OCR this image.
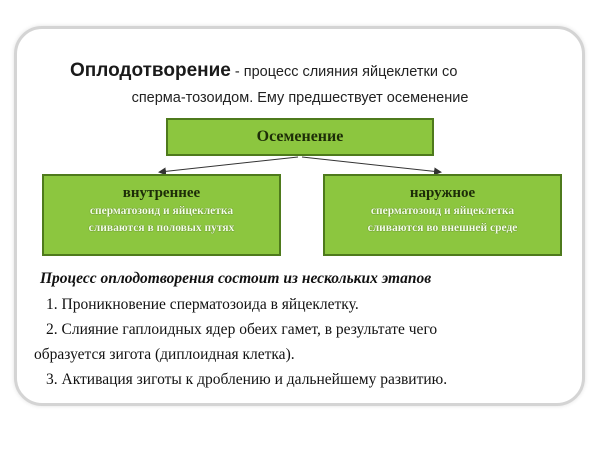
Оплодотворение - процесс слияния яйцеклетки со
сперма-тозоидом. Ему предшествует осеменение
Осеменение
внутреннее
сперматозоид и яйцеклетка
сливаются в половых путях
наружное
сперматозоид и яйцеклетка
сливаются во внешней среде
Процесс оплодотворения состоит из нескольких этапов
1. Проникновение сперматозоида в яйцеклетку.
2. Слияние гаплоидных ядер обеих гамет, в результате чего
образуется зигота (диплоидная клетка).
3. Активация зиготы к дроблению и дальнейшему развитию.
